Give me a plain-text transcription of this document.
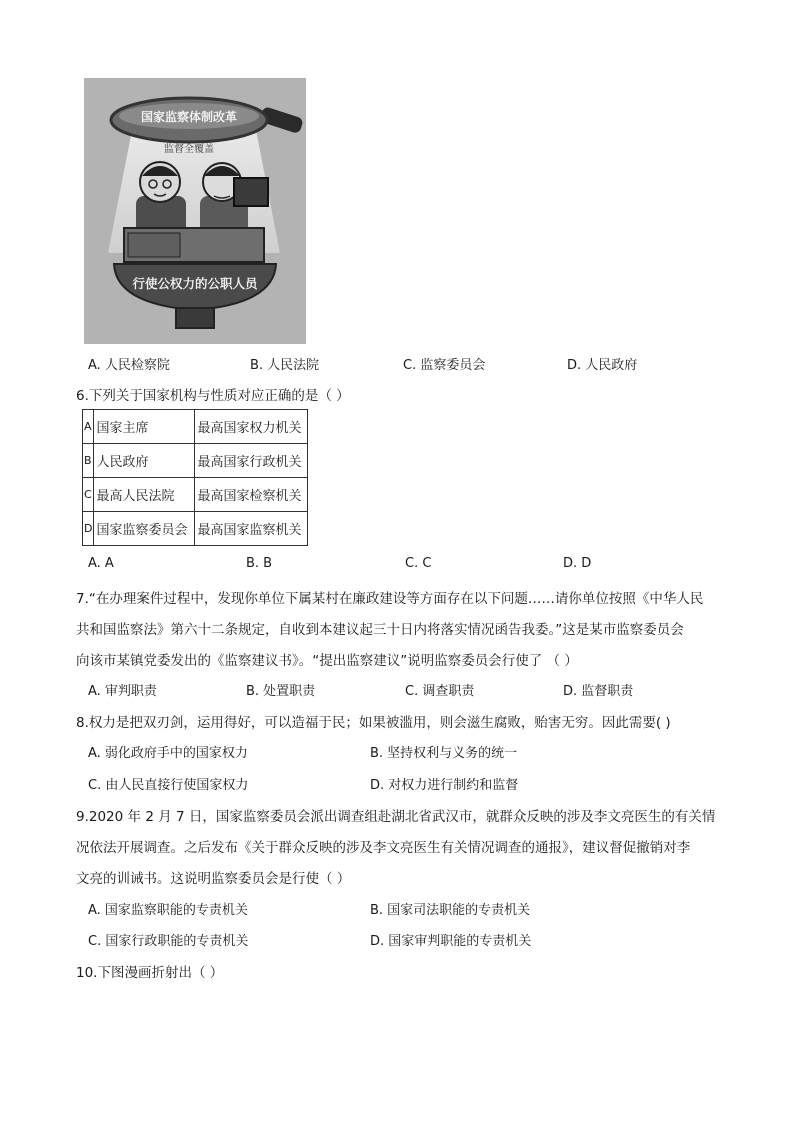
国家监察体制改革
监督全覆盖
行使公权力的公职人员
A. 人民检察院	B. 人民法院	C. 监察委员会	D. 人民政府
6.下列关于国家机构与性质对应正确的是（ ）
A	国家主席	最高国家权力机关
B	人民政府	最高国家行政机关
C	最高人民法院	最高国家检察机关
D	国家监察委员会	最高国家监察机关
A. A	B. B	C. C	D. D
7.“在办理案件过程中，发现你单位下属某村在廉政建设等方面存在以下问题……请你单位按照《中华人民
共和国监察法》第六十二条规定，自收到本建议起三十日内将落实情况函告我委。”这是某市监察委员会
向该市某镇党委发出的《监察建议书》。“提出监察建议”说明监察委员会行使了 （ ）
A. 审判职责	B. 处置职责	C. 调查职责	D. 监督职责
8.权力是把双刃剑，运用得好，可以造福于民；如果被滥用，则会滋生腐败，贻害无穷。因此需要( )
A. 弱化政府手中的国家权力	B. 坚持权利与义务的统一
C. 由人民直接行使国家权力	D. 对权力进行制约和监督
9.2020 年 2 月 7 日，国家监察委员会派出调查组赴湖北省武汉市，就群众反映的涉及李文亮医生的有关情
况依法开展调查。之后发布《关于群众反映的涉及李文亮医生有关情况调查的通报》，建议督促撤销对李
文亮的训诫书。这说明监察委员会是行使（ ）
A. 国家监察职能的专责机关	B. 国家司法职能的专责机关
C. 国家行政职能的专责机关	D. 国家审判职能的专责机关
10.下图漫画折射出（ ）
